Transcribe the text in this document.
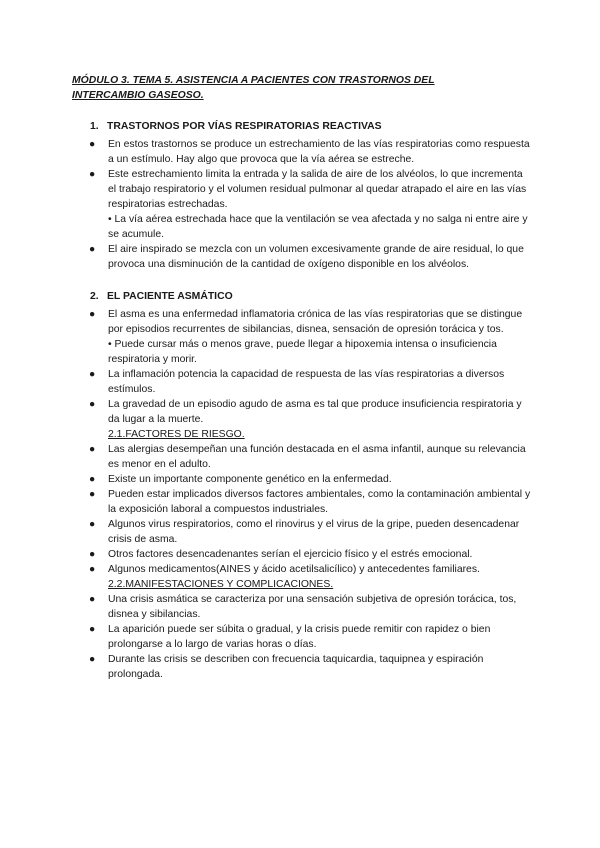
MÓDULO 3. TEMA 5. ASISTENCIA A PACIENTES CON TRASTORNOS DEL
INTERCAMBIO GASEOSO.
1. TRASTORNOS POR VÍAS RESPIRATORIAS REACTIVAS
● En estos trastornos se produce un estrechamiento de las vías respiratorias como respuesta a un estímulo. Hay algo que provoca que la vía aérea se estreche.
● Este estrechamiento limita la entrada y la salida de aire de los alvéolos, lo que incrementa el trabajo respiratorio y el volumen residual pulmonar al quedar atrapado el aire en las vías respiratorias estrechadas.
• La vía aérea estrechada hace que la ventilación se vea afectada y no salga ni entre aire y se acumule.
● El aire inspirado se mezcla con un volumen excesivamente grande de aire residual, lo que provoca una disminución de la cantidad de oxígeno disponible en los alvéolos.
2. EL PACIENTE ASMÁTICO
● El asma es una enfermedad inflamatoria crónica de las vías respiratorias que se distingue por episodios recurrentes de sibilancias, disnea, sensación de opresión torácica y tos.
• Puede cursar más o menos grave, puede llegar a hipoxemia intensa o insuficiencia respiratoria y morir.
● La inflamación potencia la capacidad de respuesta de las vías respiratorias a diversos estímulos.
● La gravedad de un episodio agudo de asma es tal que produce insuficiencia respiratoria y da lugar a la muerte.
2.1.FACTORES DE RIESGO.
● Las alergias desempeñan una función destacada en el asma infantil, aunque su relevancia es menor en el adulto.
● Existe un importante componente genético en la enfermedad.
● Pueden estar implicados diversos factores ambientales, como la contaminación ambiental y la exposición laboral a compuestos industriales.
● Algunos virus respiratorios, como el rinovirus y el virus de la gripe, pueden desencadenar crisis de asma.
● Otros factores desencadenantes serían el ejercicio físico y el estrés emocional.
● Algunos medicamentos(AINES y ácido acetilsalicílico) y antecedentes familiares.
2.2.MANIFESTACIONES Y COMPLICACIONES.
● Una crisis asmática se caracteriza por una sensación subjetiva de opresión torácica, tos, disnea y sibilancias.
● La aparición puede ser súbita o gradual, y la crisis puede remitir con rapidez o bien prolongarse a lo largo de varias horas o días.
● Durante las crisis se describen con frecuencia taquicardia, taquipnea y espiración prolongada.
